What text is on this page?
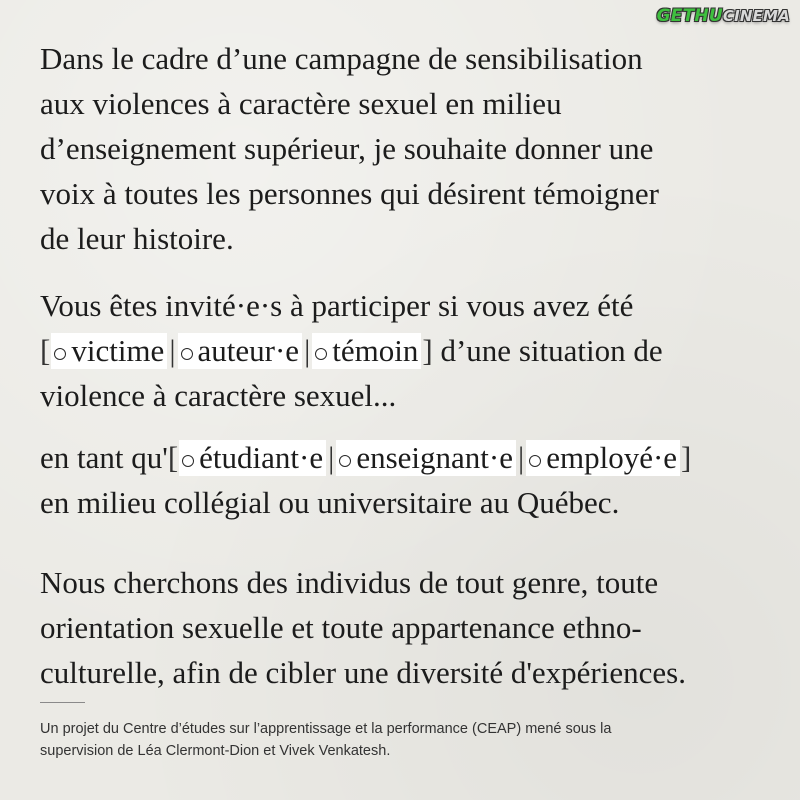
GETHUCINEMA
Dans le cadre d’une campagne de sensibilisation
aux violences à caractère sexuel en milieu
d’enseignement supérieur, je souhaite donner une
voix à toutes les personnes qui désirent témoigner
de leur histoire.
Vous êtes invité·e·s à participer si vous avez été
[ victime | auteur·e | témoin ] d’une situation de
violence à caractère sexuel...
en tant qu'[ étudiant·e | enseignant·e | employé·e ]
en milieu collégial ou universitaire au Québec.
Nous cherchons des individus de tout genre, toute
orientation sexuelle et toute appartenance ethno-
culturelle, afin de cibler une diversité d'expériences.
Un projet du Centre d’études sur l’apprentissage et la performance (CEAP) mené sous la
supervision de Léa Clermont-Dion et Vivek Venkatesh.
